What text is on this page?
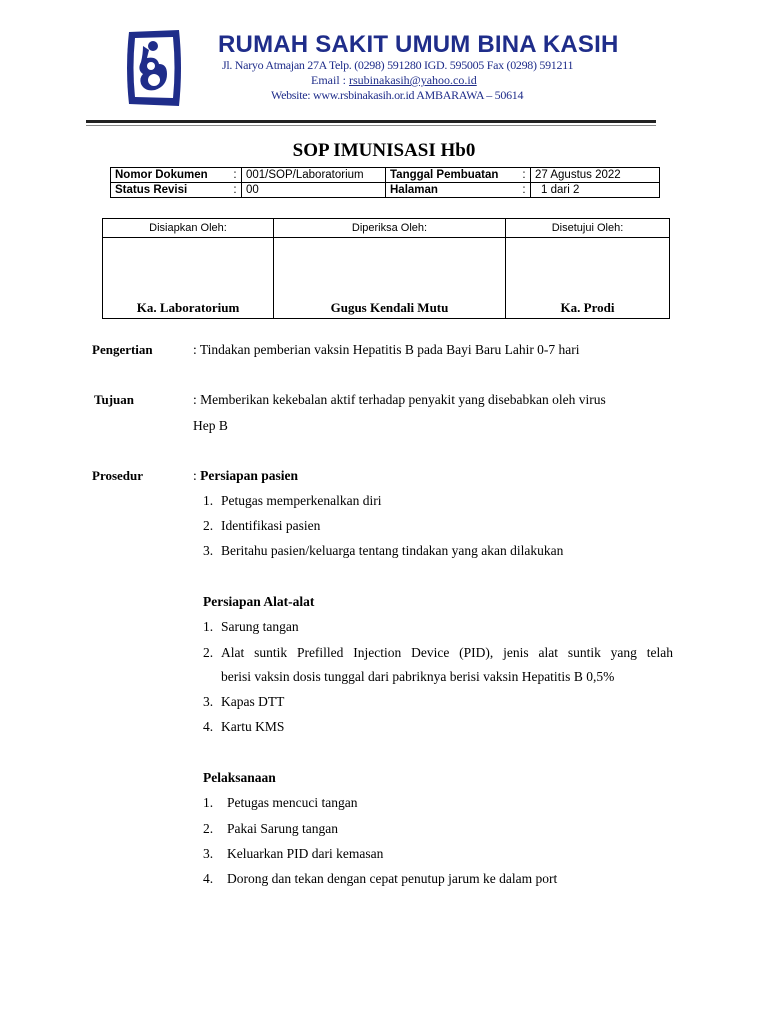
RUMAH SAKIT UMUM BINA KASIH
Jl. Naryo Atmajan 27A Telp. (0298) 591280 IGD. 595005 Fax (0298) 591211
Email : rsubinakasih@yahoo.co.id
Website: www.rsbinakasih.or.id AMBARAWA – 50614
SOP IMUNISASI Hb0
Nomor Dokumen	:	001/SOP/Laboratorium	Tanggal Pembuatan	:	27 Agustus 2022
Status Revisi	:	00	Halaman	:	1 dari 2
Disiapkan Oleh:	Diperiksa Oleh:	Disetujui Oleh:
Ka. Laboratorium	Gugus Kendali Mutu	Ka. Prodi
Pengertian	: Tindakan pemberian vaksin Hepatitis B pada Bayi Baru Lahir 0-7 hari
Tujuan	: Memberikan kekebalan aktif terhadap penyakit yang disebabkan oleh virus
Hep B
Prosedur	: Persiapan pasien
1. Petugas memperkenalkan diri
2. Identifikasi pasien
3. Beritahu pasien/keluarga tentang tindakan yang akan dilakukan
Persiapan Alat-alat
1. Sarung tangan
2. Alat suntik Prefilled Injection Device (PID), jenis alat suntik yang telah
berisi vaksin dosis tunggal dari pabriknya berisi vaksin Hepatitis B 0,5%
3. Kapas DTT
4. Kartu KMS
Pelaksanaan
1. Petugas mencuci tangan
2. Pakai Sarung tangan
3. Keluarkan PID dari kemasan
4. Dorong dan tekan dengan cepat penutup jarum ke dalam port
